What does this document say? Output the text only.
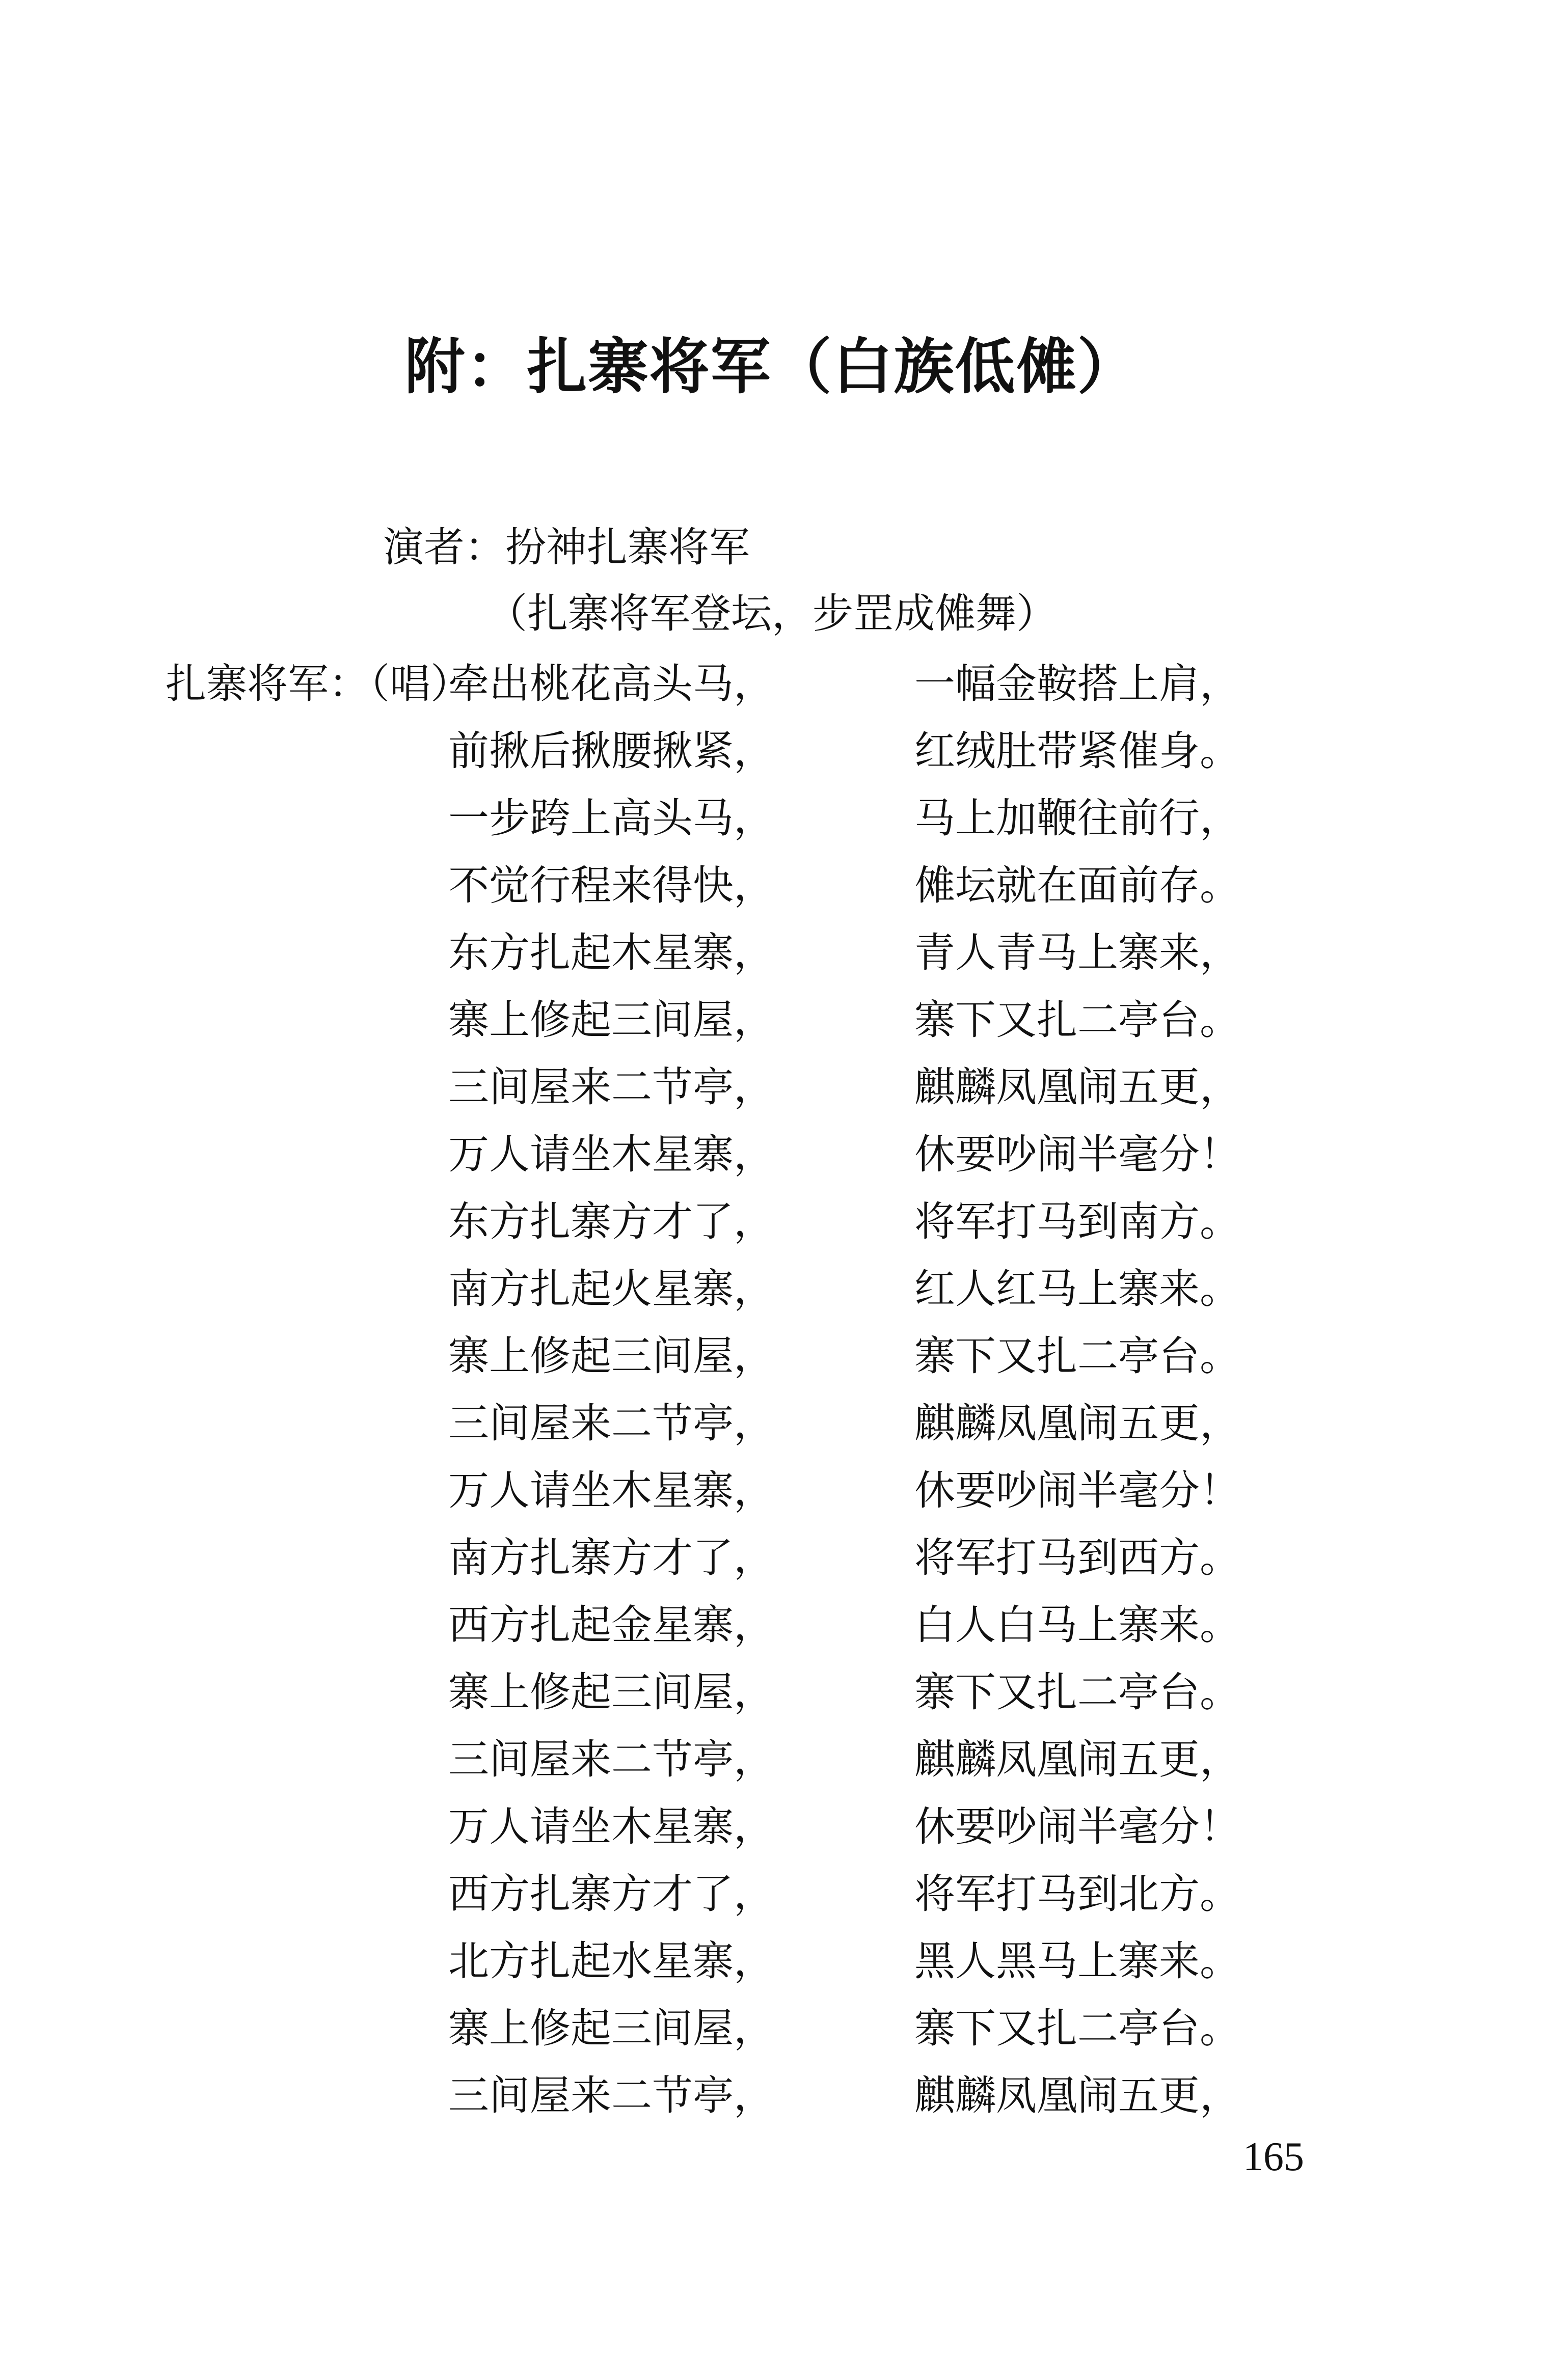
附：扎寨将军（白族低傩）
演者：扮神扎寨将军
（扎寨将军登坛，步罡成傩舞）
扎寨将军：（唱）
牵出桃花高头马，	一幅金鞍搭上肩，
前揪后揪腰揪紧，	红绒肚带紧催身。
一步跨上高头马，	马上加鞭往前行，
不觉行程来得快，	傩坛就在面前存。
东方扎起木星寨，	青人青马上寨来，
寨上修起三间屋，	寨下又扎二亭台。
三间屋来二节亭，	麒麟凤凰闹五更，
万人请坐木星寨，	休要吵闹半毫分！
东方扎寨方才了，	将军打马到南方。
南方扎起火星寨，	红人红马上寨来。
寨上修起三间屋，	寨下又扎二亭台。
三间屋来二节亭，	麒麟凤凰闹五更，
万人请坐木星寨，	休要吵闹半毫分！
南方扎寨方才了，	将军打马到西方。
西方扎起金星寨，	白人白马上寨来。
寨上修起三间屋，	寨下又扎二亭台。
三间屋来二节亭，	麒麟凤凰闹五更，
万人请坐木星寨，	休要吵闹半毫分！
西方扎寨方才了，	将军打马到北方。
北方扎起水星寨，	黑人黑马上寨来。
寨上修起三间屋，	寨下又扎二亭台。
三间屋来二节亭，	麒麟凤凰闹五更，
165
